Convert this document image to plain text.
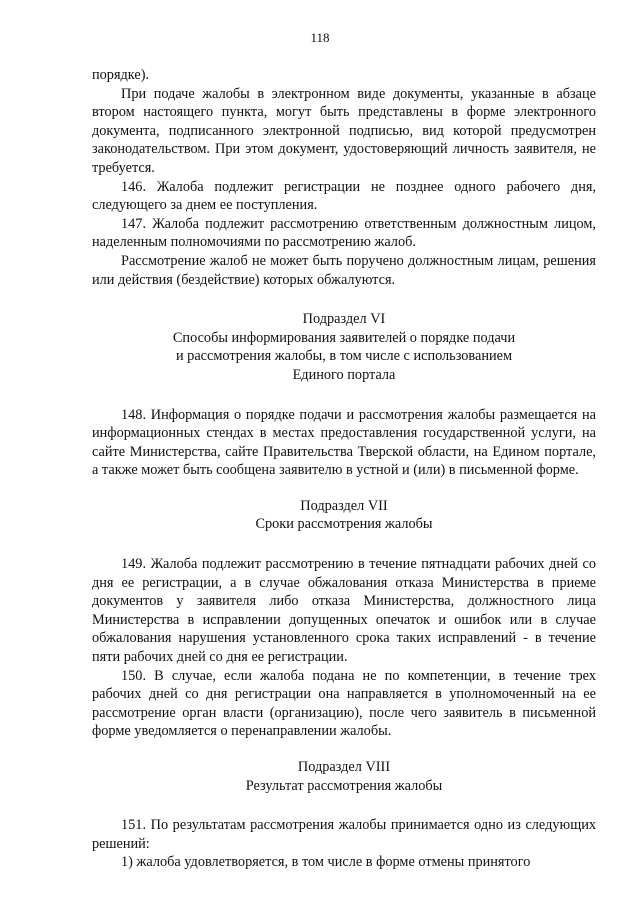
118

порядке).

При подаче жалобы в электронном виде документы, указанные в абзаце втором настоящего пункта, могут быть представлены в форме электронного документа, подписанного электронной подписью, вид которой предусмотрен законодательством. При этом документ, удостоверяющий личность заявителя, не требуется.

146. Жалоба подлежит регистрации не позднее одного рабочего дня, следующего за днем ее поступления.

147. Жалоба подлежит рассмотрению ответственным должностным лицом, наделенным полномочиями по рассмотрению жалоб.

Рассмотрение жалоб не может быть поручено должностным лицам, решения или действия (бездействие) которых обжалуются.

Подраздел VI
Способы информирования заявителей о порядке подачи
и рассмотрения жалобы, в том числе с использованием
Единого портала

148. Информация о порядке подачи и рассмотрения жалобы размещается на информационных стендах в местах предоставления государственной услуги, на сайте Министерства, сайте Правительства Тверской области, на Едином портале, а также может быть сообщена заявителю в устной и (или) в письменной форме.

Подраздел VII
Сроки рассмотрения жалобы

149. Жалоба подлежит рассмотрению в течение пятнадцати рабочих дней со дня ее регистрации, а в случае обжалования отказа Министерства в приеме документов у заявителя либо отказа Министерства, должностного лица Министерства в исправлении допущенных опечаток и ошибок или в случае обжалования нарушения установленного срока таких исправлений - в течение пяти рабочих дней со дня ее регистрации.

150. В случае, если жалоба подана не по компетенции, в течение трех рабочих дней со дня регистрации она направляется в уполномоченный на ее рассмотрение орган власти (организацию), после чего заявитель в письменной форме уведомляется о перенаправлении жалобы.

Подраздел VIII
Результат рассмотрения жалобы

151. По результатам рассмотрения жалобы принимается одно из следующих решений:

1) жалоба удовлетворяется, в том числе в форме отмены принятого
